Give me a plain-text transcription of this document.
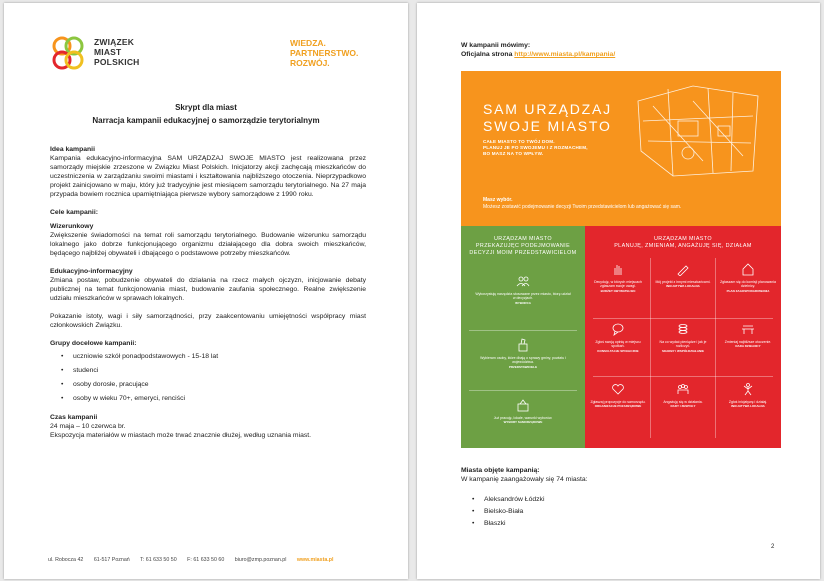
ZWIĄZEK
MIAST
POLSKICH
WIEDZA.
PARTNERSTWO.
ROZWÓJ.
Skrypt dla miast
Narracja kampanii edukacyjnej o samorządzie terytorialnym
Idea kampanii

Kampania edukacyjno-informacyjna SAM URZĄDZAJ SWOJE MIASTO jest realizowana przez samorządy miejskie zrzeszone w Związku Miast Polskich. Inicjatorzy akcji zachęcają mieszkańców do uczestniczenia w zarządzaniu swoimi miastami i kształtowania najbliższego otoczenia. Nieprzypadkowo projekt zainicjowano w maju, który już tradycyjnie jest miesiącem samorządu terytorialnego. Na 27 maja przypada bowiem rocznica upamiętniająca pierwsze wybory samorządowe z 1990 roku.

Cele kampanii:
Wizerunkowy

Zwiększenie świadomości na temat roli samorządu terytorialnego. Budowanie wizerunku samorządu lokalnego jako dobrze funkcjonującego organizmu działającego dla dobra swoich mieszkańców, będącego najbliżej obywateli i dbającego o podstawowe potrzeby mieszkańców.

Edukacyjno-informacyjny

Zmiana postaw, pobudzenie obywateli do działania na rzecz małych ojczyzn, inicjowanie debaty publicznej na temat funkcjonowania miast, budowanie zaufania społecznego. Realne zwiększenie udziału mieszkańców w sprawach lokalnych.

Pokazanie istoty, wagi i siły samorządności, przy zaakcentowaniu umiejętności współpracy miast członkowskich Związku.

Grupy docelowe kampanii:
• uczniowie szkół ponadpodstawowych - 15-18 lat
• studenci
• osoby dorosłe, pracujące
• osoby w wieku 70+, emeryci, renciści
Czas kampanii
24 maja – 10 czerwca br.
Ekspozycja materiałów w miastach może trwać znacznie dłużej, według uznania miast.
ul. Robocza 42 61-517 Poznań T: 61 633 50 50 F: 61 633 50 60 biuro@zmp.poznan.pl www.miasta.pl
W kampanii mówimy:
Oficjalna strona http://www.miasta.pl/kampania/
SAM URZĄDZAJ
SWOJE MIASTO
CAŁE MIASTO TO TWÓJ DOM.
PLANUJ JE PO SWOJEMU I Z ROZMACHEM,
BO MASZ NA TO WPŁYW.
Masz wybór.
Możesz zostawić podejmowanie decyzji Twoim przedstawicielom lub angażować się sam.
URZĄDZAM MIASTO
PRZEKAZUJĘC PODEJMOWANIE
DECYZJI MOIM PRZEDSTAWICIELOM
Wykorzystuję narzędzia stosowane przez miasto, biorę udział w decyzjach.
WYBORCA
Wybieram osoby, które dbają o sprawy gminy, powiatu i województwa.
PRZEDSTAWICIELE
Już pracuję, lokale, warunki wyborów.
WYBORY SAMORZĄDOWE
URZĄDZAM MIASTO
PLANUJĘ, ZMIENIAM, ANGAŻUJĘ SIĘ, DZIAŁAM
Decyduję, w których miejscach zgłaszam swoje uwagi.
BUDŻET OBYWATELSKI
Mój projekt z innymi mieszkańcami.
INICJATYWA LOKALNA
Zgłaszam się do komisji planowania dzielnicy.
PLAN ZAGOSPODAROWANIA
Zgłoś swoją opinię w miejscu spotkań.
KONSULTACJE SPOŁECZNE
Na co wydać pieniądze i jak je rozliczyć.
SKARBY I WSPÓŁDZIAŁANIE
Zmieniaj najbliższe otoczenie.
RADA DZIELNICY
Zgłaszaj propozycje do samorządu.
ORGANIZACJE POZARZĄDOWE
Angażuję się w działania.
RADY I ZESPOŁY
Zgłoś inicjatywę i działaj.
INICJATYWA LOKALNA
Miasta objęte kampanią:
W kampanię zaangażowały się 74 miasta:
• Aleksandrów Łódzki
• Bielsko-Biała
• Błaszki
2
